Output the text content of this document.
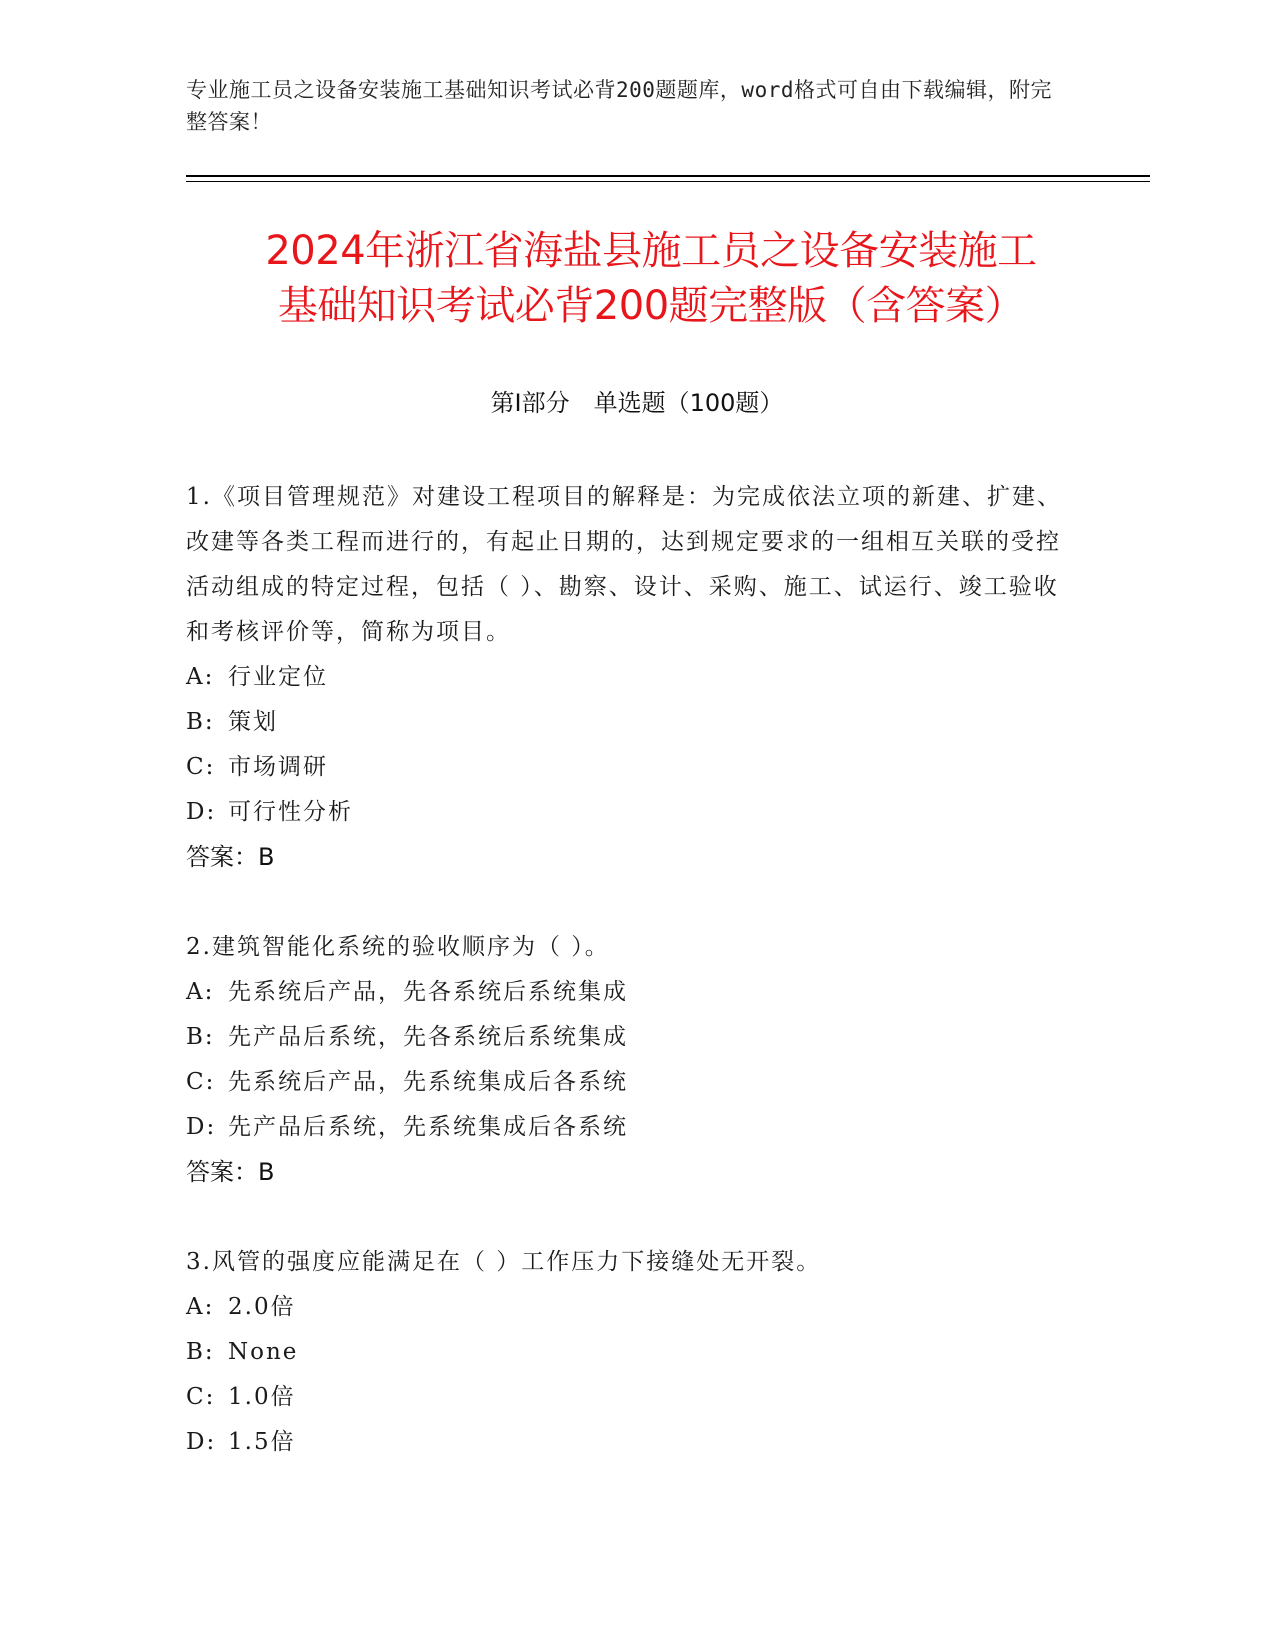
专业施工员之设备安装施工基础知识考试必背200题题库，word格式可自由下载编辑，附完整答案！
2024年浙江省海盐县施工员之设备安装施工
基础知识考试必背200题完整版（含答案）
第I部分　单选题（100题）
1.《项目管理规范》对建设工程项目的解释是：为完成依法立项的新建、扩建、改建等各类工程而进行的，有起止日期的，达到规定要求的一组相互关联的受控活动组成的特定过程，包括（ ）、勘察、设计、采购、施工、试运行、竣工验收和考核评价等，简称为项目。
A: 行业定位
B: 策划
C: 市场调研
D: 可行性分析
答案：B
2.建筑智能化系统的验收顺序为（ ）。
A: 先系统后产品，先各系统后系统集成
B: 先产品后系统，先各系统后系统集成
C: 先系统后产品，先系统集成后各系统
D: 先产品后系统，先系统集成后各系统
答案：B
3.风管的强度应能满足在（ ）工作压力下接缝处无开裂。
A: 2.0倍
B: None
C: 1.0倍
D: 1.5倍
